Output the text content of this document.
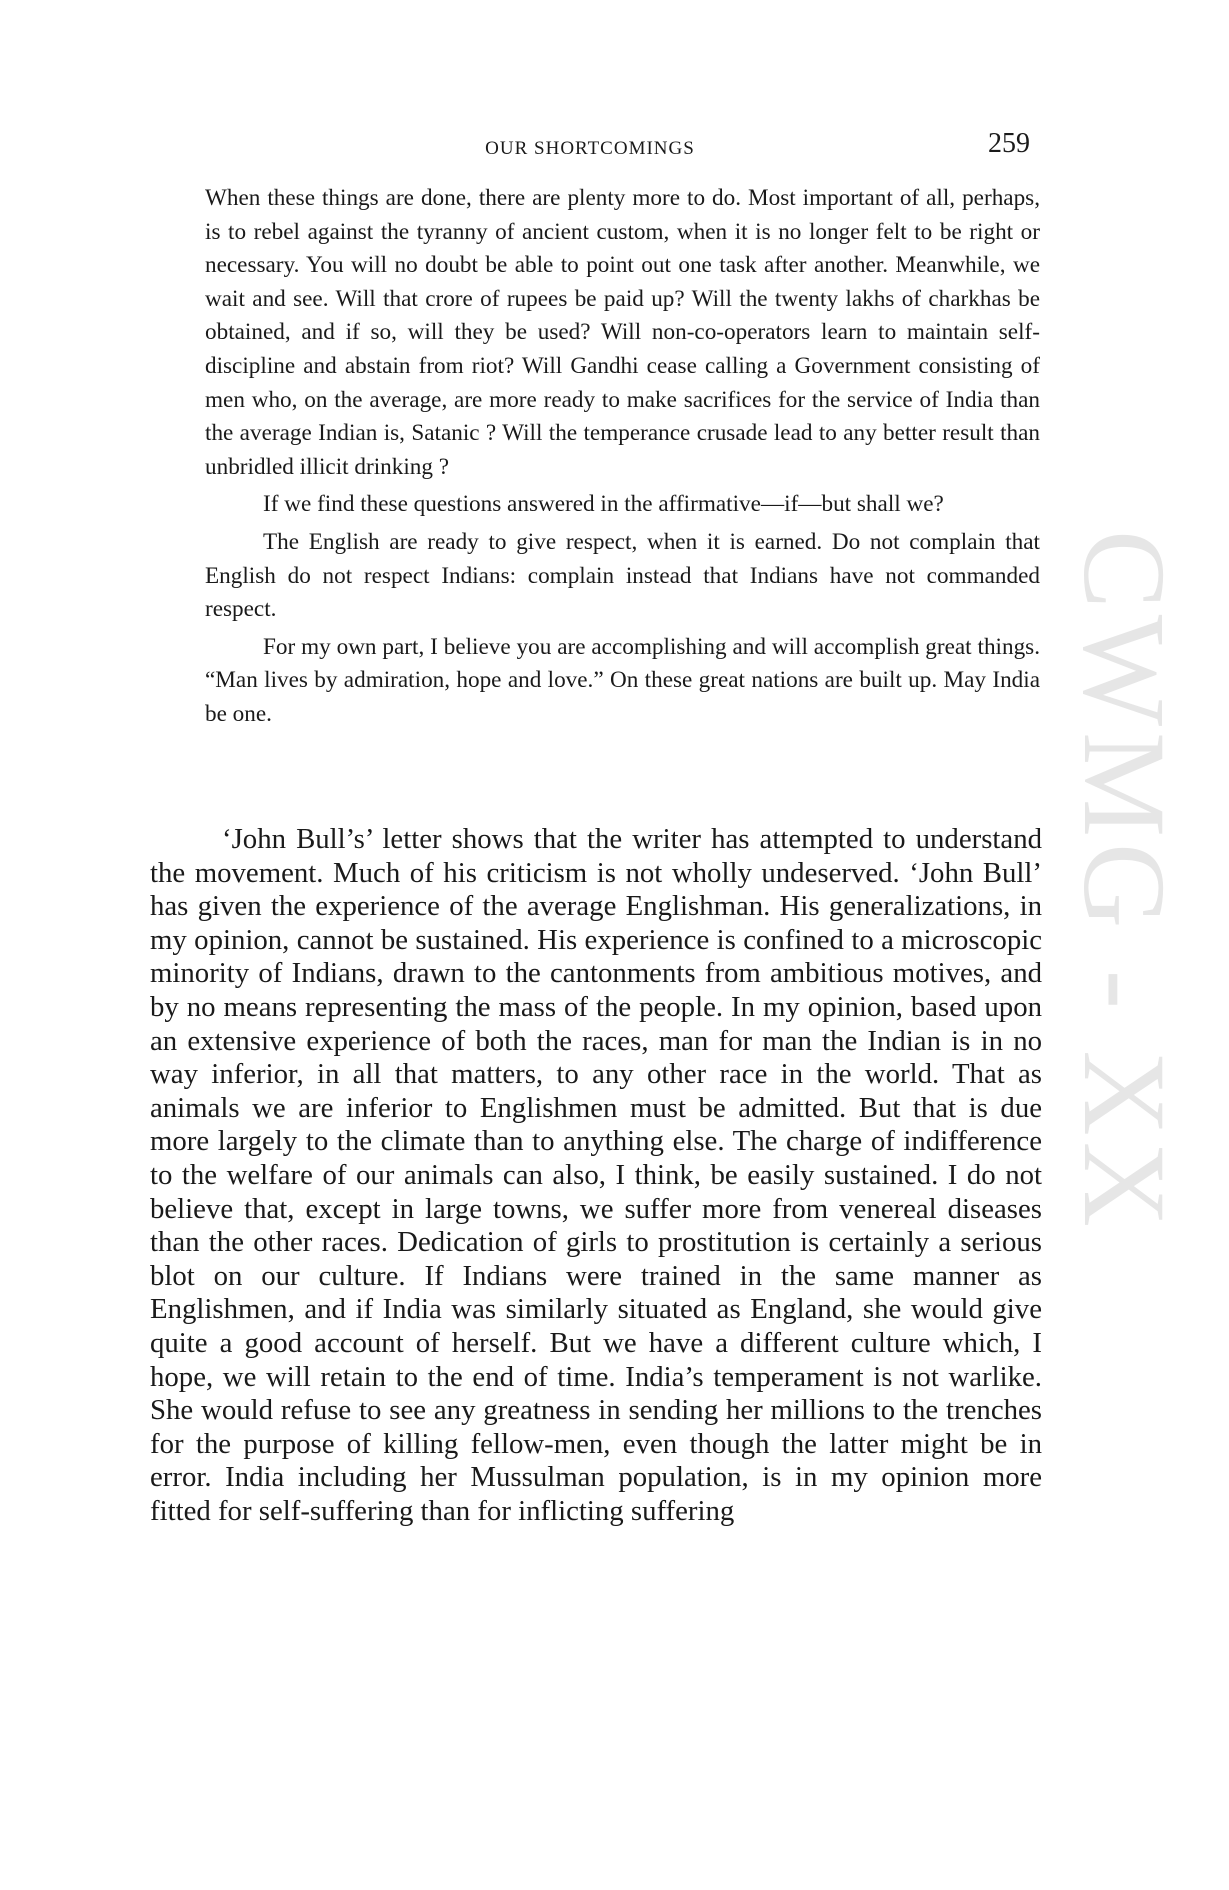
OUR SHORTCOMINGS	259

When these things are done, there are plenty more to do. Most important of all, perhaps, is to rebel against the tyranny of ancient custom, when it is no longer felt to be right or necessary. You will no doubt be able to point out one task after another. Meanwhile, we wait and see. Will that crore of rupees be paid up? Will the twenty lakhs of charkhas be obtained, and if so, will they be used? Will non-co-operators learn to maintain self-discipline and abstain from riot? Will Gandhi cease calling a Government consisting of men who, on the average, are more ready to make sacrifices for the service of India than the average Indian is, Satanic ? Will the temperance crusade lead to any better result than unbridled illicit drinking ?

If we find these questions answered in the affirmative—if—but shall we?

The English are ready to give respect, when it is earned. Do not complain that English do not respect Indians: complain instead that Indians have not commanded respect.

For my own part, I believe you are accomplishing and will accomplish great things. “Man lives by admiration, hope and love.” On these great nations are built up. May India be one.

‘John Bull’s’ letter shows that the writer has attempted to understand the movement. Much of his criticism is not wholly undeserved. ‘John Bull’ has given the experience of the average Englishman. His generalizations, in my opinion, cannot be sustained. His experience is confined to a microscopic minority of Indians, drawn to the cantonments from ambitious motives, and by no means representing the mass of the people. In my opinion, based upon an extensive experience of both the races, man for man the Indian is in no way inferior, in all that matters, to any other race in the world. That as animals we are inferior to Englishmen must be admitted. But that is due more largely to the climate than to anything else. The charge of indifference to the welfare of our animals can also, I think, be easily sustained. I do not believe that, except in large towns, we suffer more from venereal diseases than the other races. Dedication of girls to prostitution is certainly a serious blot on our culture. If Indians were trained in the same manner as Englishmen, and if India was similarly situated as England, she would give quite a good account of herself. But we have a different culture which, I hope, we will retain to the end of time. India’s temperament is not warlike. She would refuse to see any greatness in sending her millions to the trenches for the purpose of killing fellow-men, even though the latter might be in error. India including her Mussulman population, is in my opinion more fitted for self-suffering than for inflicting suffering

CWMG - XX
